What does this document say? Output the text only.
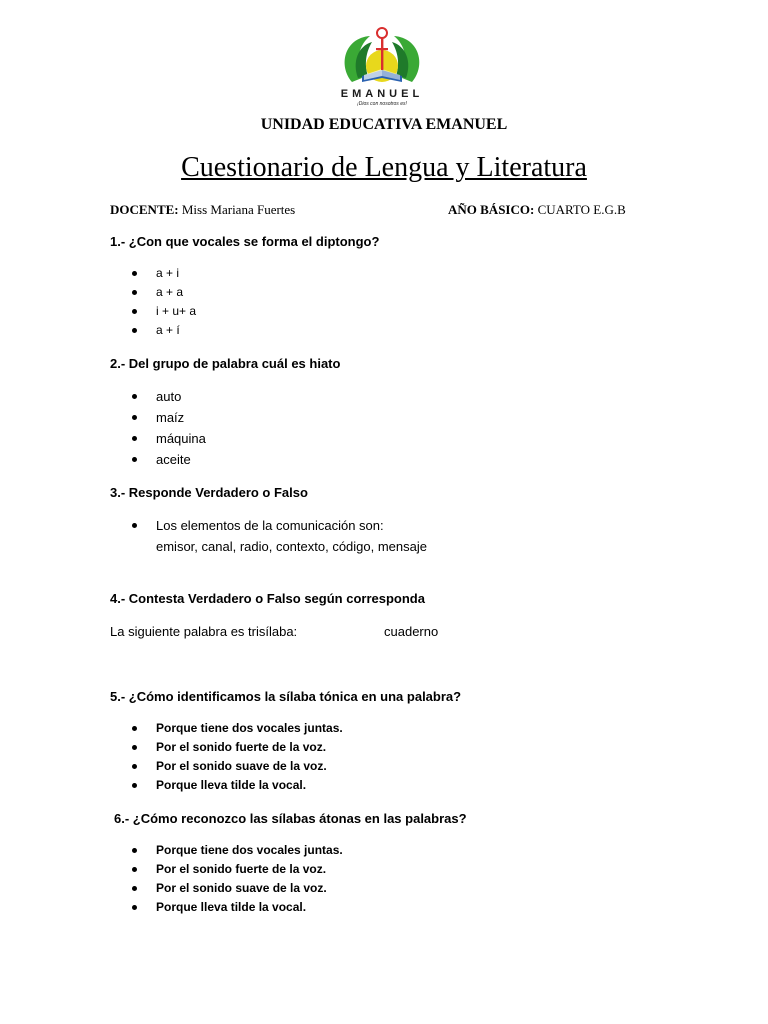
EMANUEL
¡Dios con nosotros es!
UNIDAD EDUCATIVA EMANUEL
Cuestionario de Lengua y Literatura
DOCENTE: Miss Mariana Fuertes	AÑO BÁSICO: CUARTO E.G.B
1.- ¿Con que vocales se forma el diptongo?
a + i
a + a
i + u+ a
a + í
2.- Del grupo de palabra cuál es hiato
auto
maíz
máquina
aceite
3.- Responde Verdadero o Falso
Los elementos de la comunicación son:
emisor, canal, radio, contexto, código, mensaje
4.- Contesta Verdadero o Falso según corresponda
La siguiente palabra es trisílaba:	cuaderno
5.- ¿Cómo identificamos la sílaba tónica en una palabra?
Porque tiene dos vocales juntas.
Por el sonido fuerte de la voz.
Por el sonido suave de la voz.
Porque lleva tilde la vocal.
6.- ¿Cómo reconozco las sílabas átonas en las palabras?
Porque tiene dos vocales juntas.
Por el sonido fuerte de la voz.
Por el sonido suave de la voz.
Porque lleva tilde la vocal.
